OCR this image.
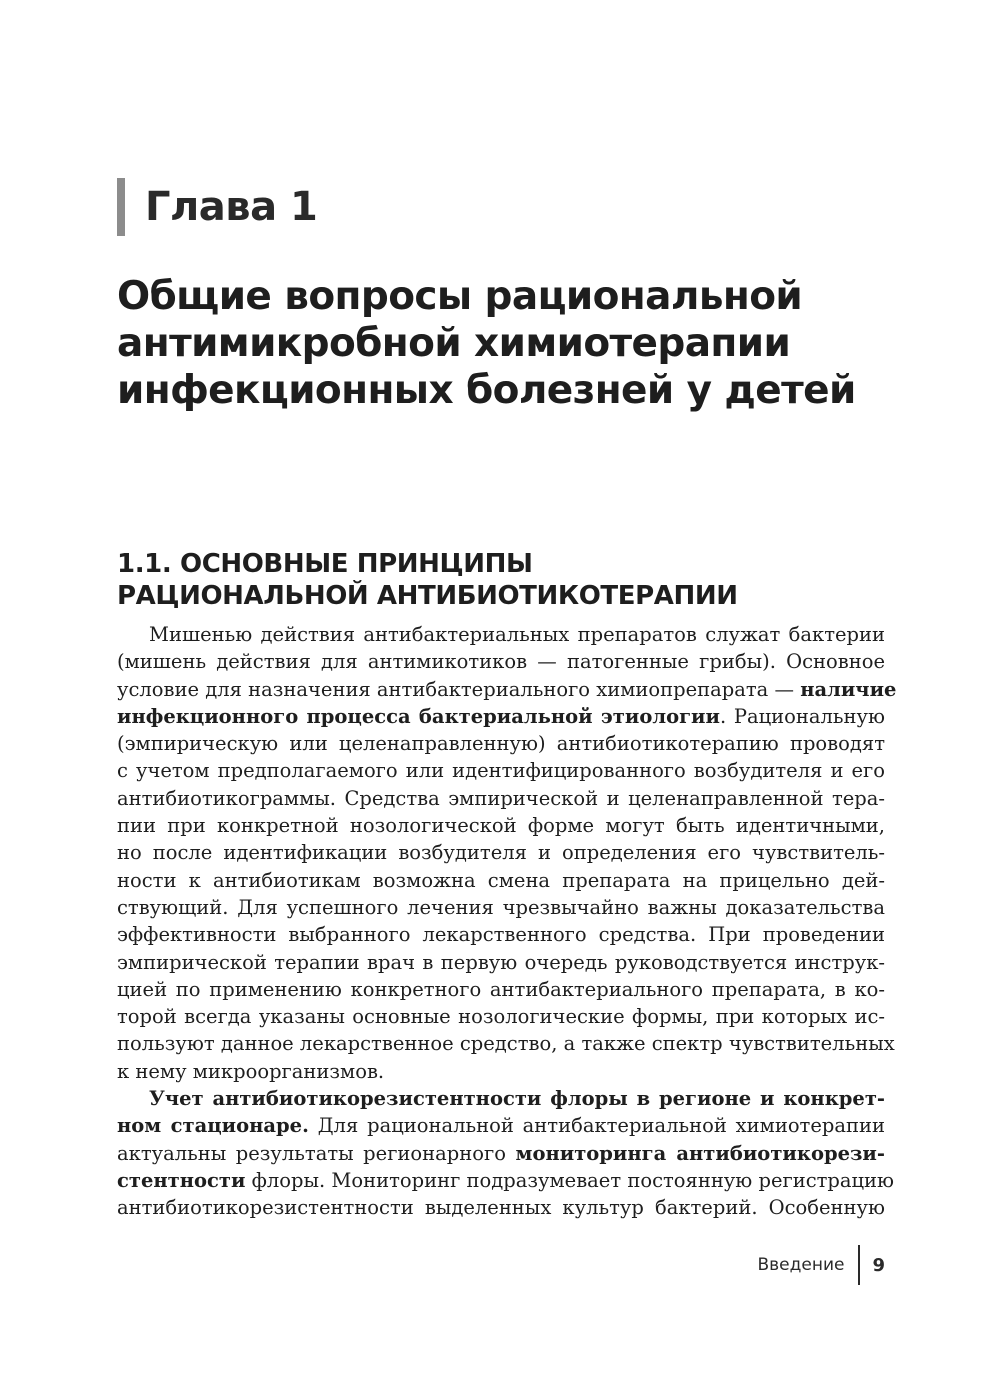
Глава 1
Общие вопросы рациональной
антимикробной химиотерапии
инфекционных болезней у детей
1.1. ОСНОВНЫЕ ПРИНЦИПЫ
РАЦИОНАЛЬНОЙ АНТИБИОТИКОТЕРАПИИ
Мишенью действия антибактериальных препаратов служат бактерии
(мишень действия для антимикотиков — патогенные грибы). Основное
условие для назначения антибактериального химиопрепарата — наличие
инфекционного процесса бактериальной этиологии. Рациональную
(эмпирическую или целенаправленную) антибиотикотерапию проводят
с учетом предполагаемого или идентифицированного возбудителя и его
антибиотикограммы. Средства эмпирической и целенаправленной тера-
пии при конкретной нозологической форме могут быть идентичными,
но после идентификации возбудителя и определения его чувствитель-
ности к антибиотикам возможна смена препарата на прицельно дей-
ствующий. Для успешного лечения чрезвычайно важны доказательства
эффективности выбранного лекарственного средства. При проведении
эмпирической терапии врач в первую очередь руководствуется инструк-
цией по применению конкретного антибактериального препарата, в ко-
торой всегда указаны основные нозологические формы, при которых ис-
пользуют данное лекарственное средство, а также спектр чувствительных
к нему микроорганизмов.
Учет антибиотикорезистентности флоры в регионе и конкрет-
ном стационаре. Для рациональной антибактериальной химиотерапии
актуальны результаты регионарного мониторинга антибиотикорези-
стентности флоры. Мониторинг подразумевает постоянную регистрацию
антибиотикорезистентности выделенных культур бактерий. Особенную
Введение 9
